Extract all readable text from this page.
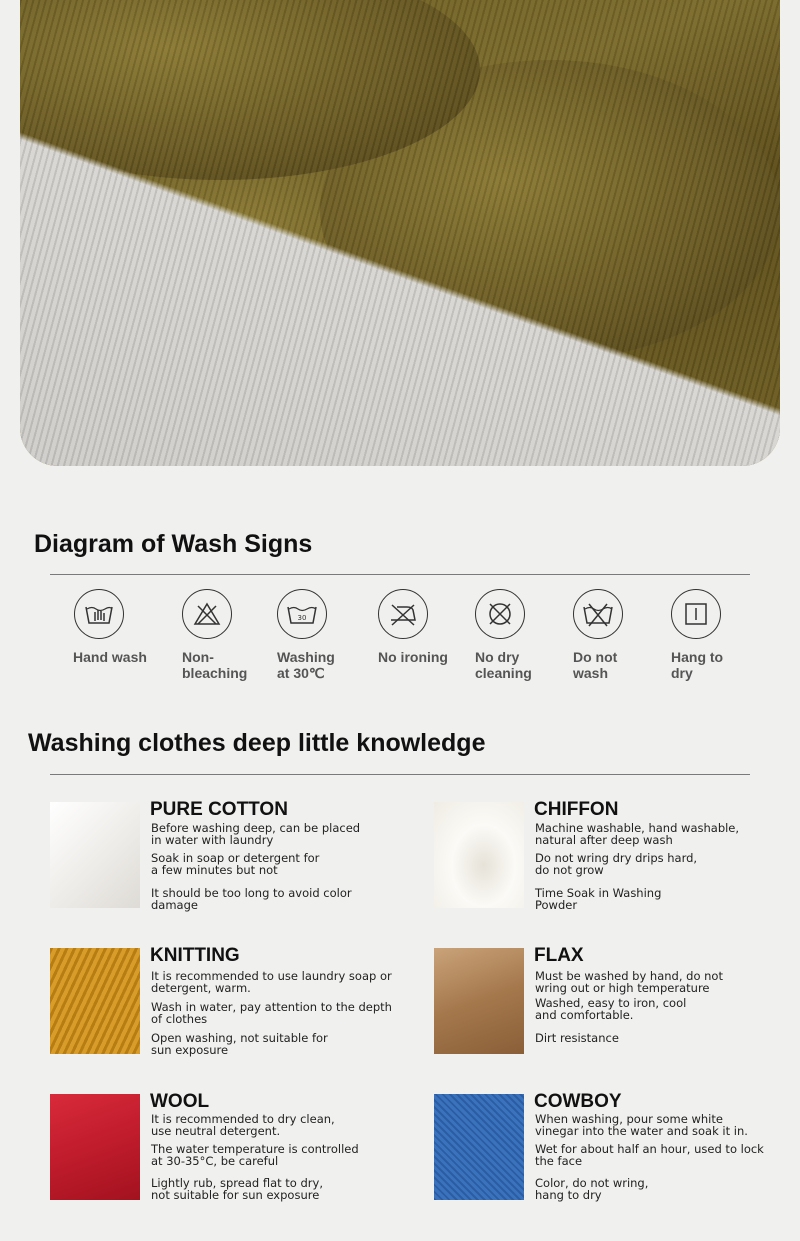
Diagram of Wash Signs
Hand wash	Non-
bleaching
30
Washing
at 30℃
No ironing	No dry
cleaning
Do not
wash
Hang to
dry
Washing clothes deep little knowledge
PURE COTTON
Before washing deep, can be placed
in water with laundry
Soak in soap or detergent for
a few minutes but not
It should be too long to avoid color
damage
CHIFFON
Machine washable, hand washable,
natural after deep wash
Do not wring dry drips hard,
do not grow
Time Soak in Washing
Powder
KNITTING
It is recommended to use laundry soap or
detergent, warm.
Wash in water, pay attention to the depth
of clothes
Open washing, not suitable for
sun exposure
FLAX
Must be washed by hand, do not
wring out or high temperature
Washed, easy to iron, cool
and comfortable.
Dirt resistance
WOOL
It is recommended to dry clean,
use neutral detergent.
The water temperature is controlled
at 30-35°C, be careful
Lightly rub, spread flat to dry,
not suitable for sun exposure
COWBOY
When washing, pour some white
vinegar into the water and soak it in.
Wet for about half an hour, used to lock
the face
Color, do not wring,
hang to dry
